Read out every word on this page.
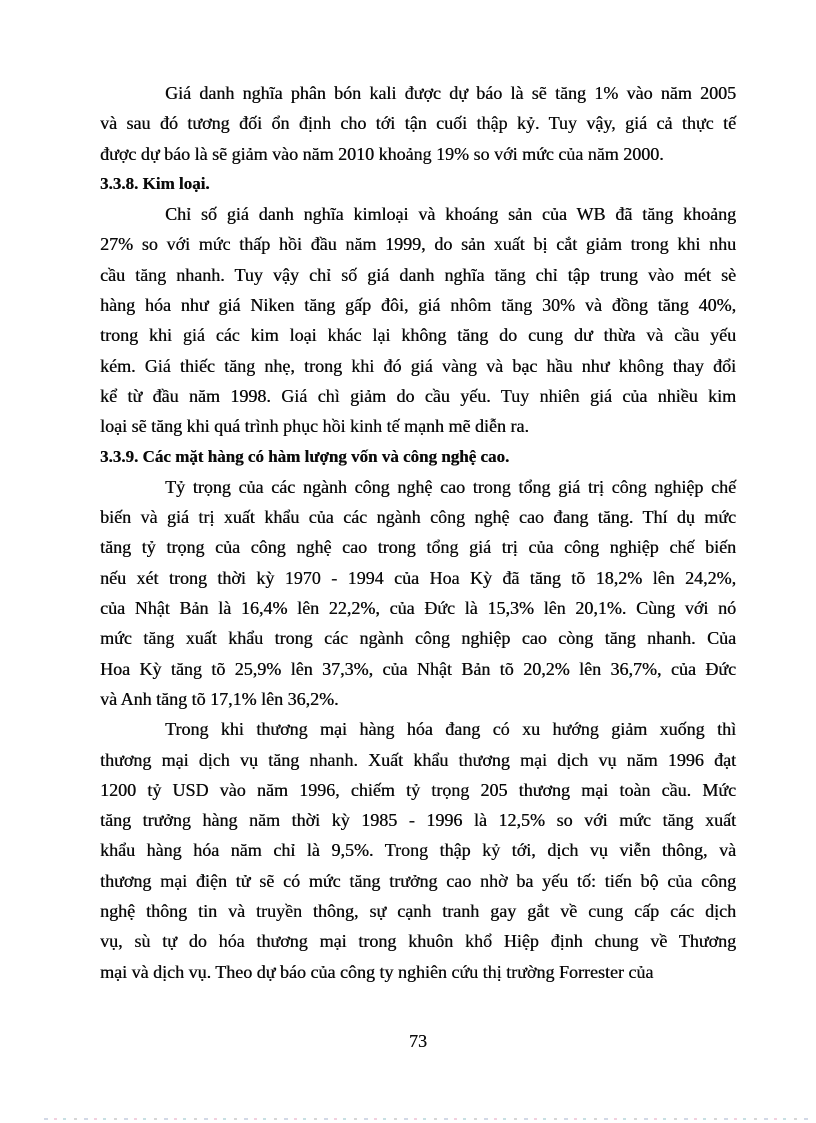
Giá danh nghĩa phân bón kali được dự báo là sẽ tăng 1% vào năm 2005
và sau đó tương đối ổn định cho tới tận cuối thập kỷ. Tuy vậy, giá cả thực tế
được dự báo là sẽ giảm vào năm 2010 khoảng 19% so với mức của năm 2000.
3.3.8. Kim loại.
Chỉ số giá danh nghĩa kimloại và khoáng sản của WB đã tăng khoảng
27% so với mức thấp hồi đầu năm 1999, do sản xuất bị cắt giảm trong khi nhu
cầu tăng nhanh. Tuy vậy chỉ số giá danh nghĩa tăng chỉ tập trung vào mét sè
hàng hóa như giá Niken tăng gấp đôi, giá nhôm tăng 30% và đồng tăng 40%,
trong khi giá các kim loại khác lại không tăng do cung dư thừa và cầu yếu
kém. Giá thiếc tăng nhẹ, trong khi đó giá vàng và bạc hầu như không thay đổi
kể từ đầu năm 1998. Giá chì giảm do cầu yếu. Tuy nhiên giá của nhiều kim
loại sẽ tăng khi quá trình phục hồi kinh tế mạnh mẽ diễn ra.
3.3.9. Các mặt hàng có hàm lượng vốn và công nghệ cao.
Tỷ trọng của các ngành công nghệ cao trong tổng giá trị công nghiệp chế
biến và giá trị xuất khẩu của các ngành công nghệ cao đang tăng. Thí dụ mức
tăng tỷ trọng của công nghệ cao trong tổng giá trị của công nghiệp chế biến
nếu xét trong thời kỳ 1970 - 1994 của Hoa Kỳ đã tăng tõ 18,2% lên 24,2%,
của Nhật Bản là 16,4% lên 22,2%, của Đức là 15,3% lên 20,1%. Cùng với nó
mức tăng xuất khẩu trong các ngành công nghiệp cao còng tăng nhanh. Của
Hoa Kỳ tăng tõ 25,9% lên 37,3%, của Nhật Bản tõ 20,2% lên 36,7%, của Đức
và Anh tăng tõ 17,1% lên 36,2%.
Trong khi thương mại hàng hóa đang có xu hướng giảm xuống thì
thương mại dịch vụ tăng nhanh. Xuất khẩu thương mại dịch vụ năm 1996 đạt
1200 tỷ USD vào năm 1996, chiếm tỷ trọng 205 thương mại toàn cầu. Mức
tăng trưởng hàng năm thời kỳ 1985 - 1996 là 12,5% so với mức tăng xuất
khẩu hàng hóa năm chỉ là 9,5%. Trong thập kỷ tới, dịch vụ viễn thông, và
thương mại điện tử sẽ có mức tăng trưởng cao nhờ ba yếu tố: tiến bộ của công
nghệ thông tin và truyền thông, sự cạnh tranh gay gắt về cung cấp các dịch
vụ, sù tự do hóa thương mại trong khuôn khổ Hiệp định chung về Thương
mại và dịch vụ. Theo dự báo của công ty nghiên cứu thị trường Forrester của
73
